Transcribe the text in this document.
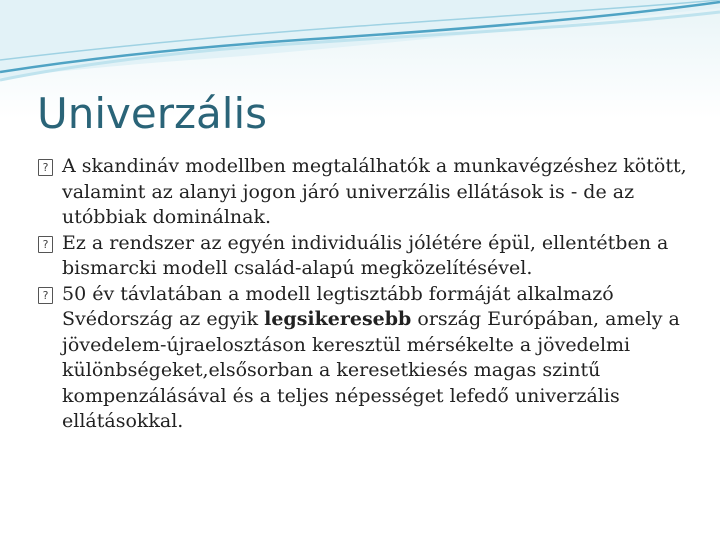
Univerzális
? A skandináv modellben megtalálhatók a munkavégzéshez kötött, valamint az alanyi jogon járó univerzális ellátások is - de az utóbbiak dominálnak.
? Ez a rendszer az egyén individuális jólétére épül, ellentétben a bismarcki modell család-alapú megközelítésével.
? 50 év távlatában a modell legtisztább formáját alkalmazó Svédország az egyik legsikeresebb ország Európában, amely a jövedelem-újraelosztáson keresztül mérsékelte a jövedelmi különbségeket,elsősorban a keresetkiesés magas szintű kompenzálásával és a teljes népességet lefedő univerzális ellátásokkal.
